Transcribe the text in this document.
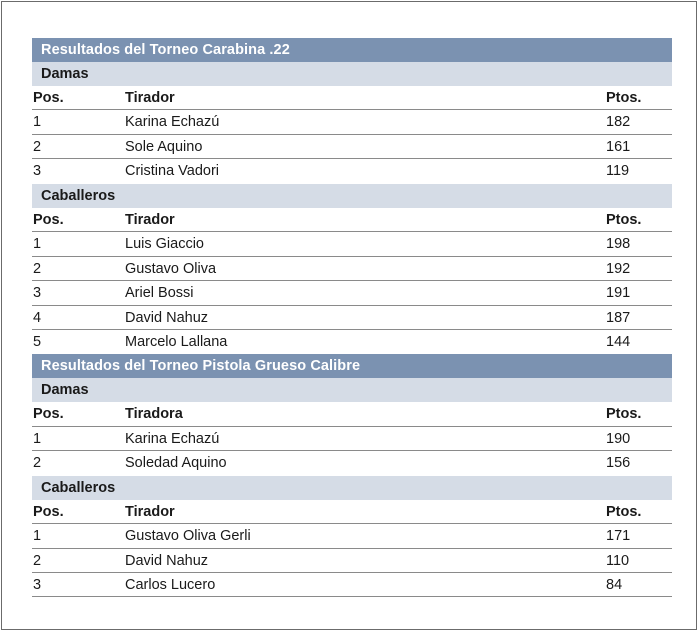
Resultados del Torneo Carabina .22
Damas
Pos.	Tirador	Ptos.
1	Karina Echazú	182
2	Sole Aquino	161
3	Cristina Vadori	119
Caballeros
Pos.	Tirador	Ptos.
1	Luis Giaccio	198
2	Gustavo Oliva	192
3	Ariel Bossi	191
4	David Nahuz	187
5	Marcelo Lallana	144
Resultados del Torneo Pistola Grueso Calibre
Damas
Pos.	Tiradora	Ptos.
1	Karina Echazú	190
2	Soledad Aquino	156
Caballeros
Pos.	Tirador	Ptos.
1	Gustavo Oliva Gerli	171
2	David Nahuz	110
3	Carlos Lucero	84
